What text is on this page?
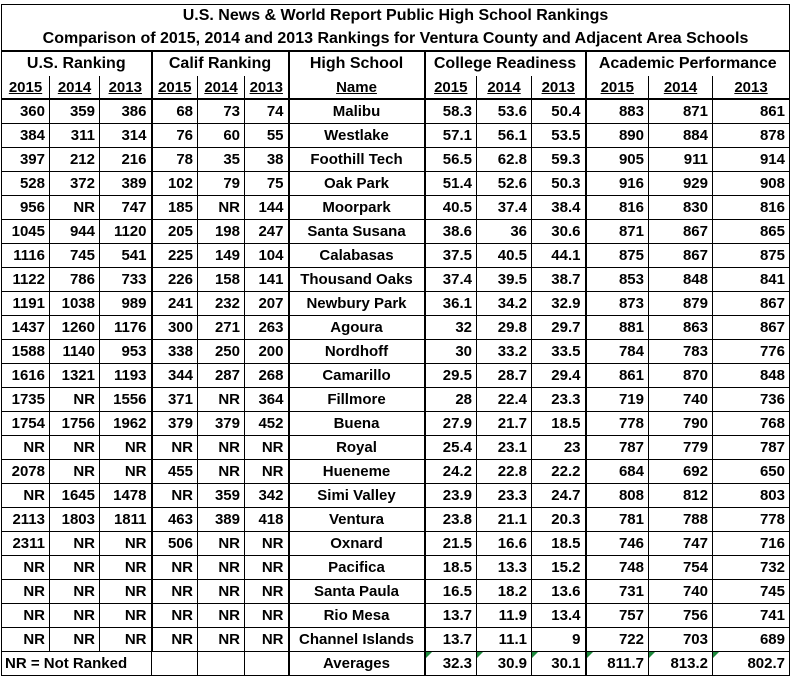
U.S. News & World Report Public High School Rankings												
Comparison of 2015, 2014 and 2013 Rankings for Ventura County and Adjacent Area Schools												
U.S. Ranking			Calif Ranking			High School	College Readiness			Academic Performance		
2015	2014	2013	2015	2014	2013	Name	2015	2014	2013	2015	2014	2013
360	359	386	68	73	74	Malibu	58.3	53.6	50.4	883	871	861
384	311	314	76	60	55	Westlake	57.1	56.1	53.5	890	884	878
397	212	216	78	35	38	Foothill Tech	56.5	62.8	59.3	905	911	914
528	372	389	102	79	75	Oak Park	51.4	52.6	50.3	916	929	908
956	NR	747	185	NR	144	Moorpark	40.5	37.4	38.4	816	830	816
1045	944	1120	205	198	247	Santa Susana	38.6	36	30.6	871	867	865
1116	745	541	225	149	104	Calabasas	37.5	40.5	44.1	875	867	875
1122	786	733	226	158	141	Thousand Oaks	37.4	39.5	38.7	853	848	841
1191	1038	989	241	232	207	Newbury Park	36.1	34.2	32.9	873	879	867
1437	1260	1176	300	271	263	Agoura	32	29.8	29.7	881	863	867
1588	1140	953	338	250	200	Nordhoff	30	33.2	33.5	784	783	776
1616	1321	1193	344	287	268	Camarillo	29.5	28.7	29.4	861	870	848
1735	NR	1556	371	NR	364	Fillmore	28	22.4	23.3	719	740	736
1754	1756	1962	379	379	452	Buena	27.9	21.7	18.5	778	790	768
NR	NR	NR	NR	NR	NR	Royal	25.4	23.1	23	787	779	787
2078	NR	NR	455	NR	NR	Hueneme	24.2	22.8	22.2	684	692	650
NR	1645	1478	NR	359	342	Simi Valley	23.9	23.3	24.7	808	812	803
2113	1803	1811	463	389	418	Ventura	23.8	21.1	20.3	781	788	778
2311	NR	NR	506	NR	NR	Oxnard	21.5	16.6	18.5	746	747	716
NR	NR	NR	NR	NR	NR	Pacifica	18.5	13.3	15.2	748	754	732
NR	NR	NR	NR	NR	NR	Santa Paula	16.5	18.2	13.6	731	740	745
NR	NR	NR	NR	NR	NR	Rio Mesa	13.7	11.9	13.4	757	756	741
NR	NR	NR	NR	NR	NR	Channel Islands	13.7	11.1	9	722	703	689
NR = Not Ranked						Averages	32.3	30.9	30.1	811.7	813.2	802.7
